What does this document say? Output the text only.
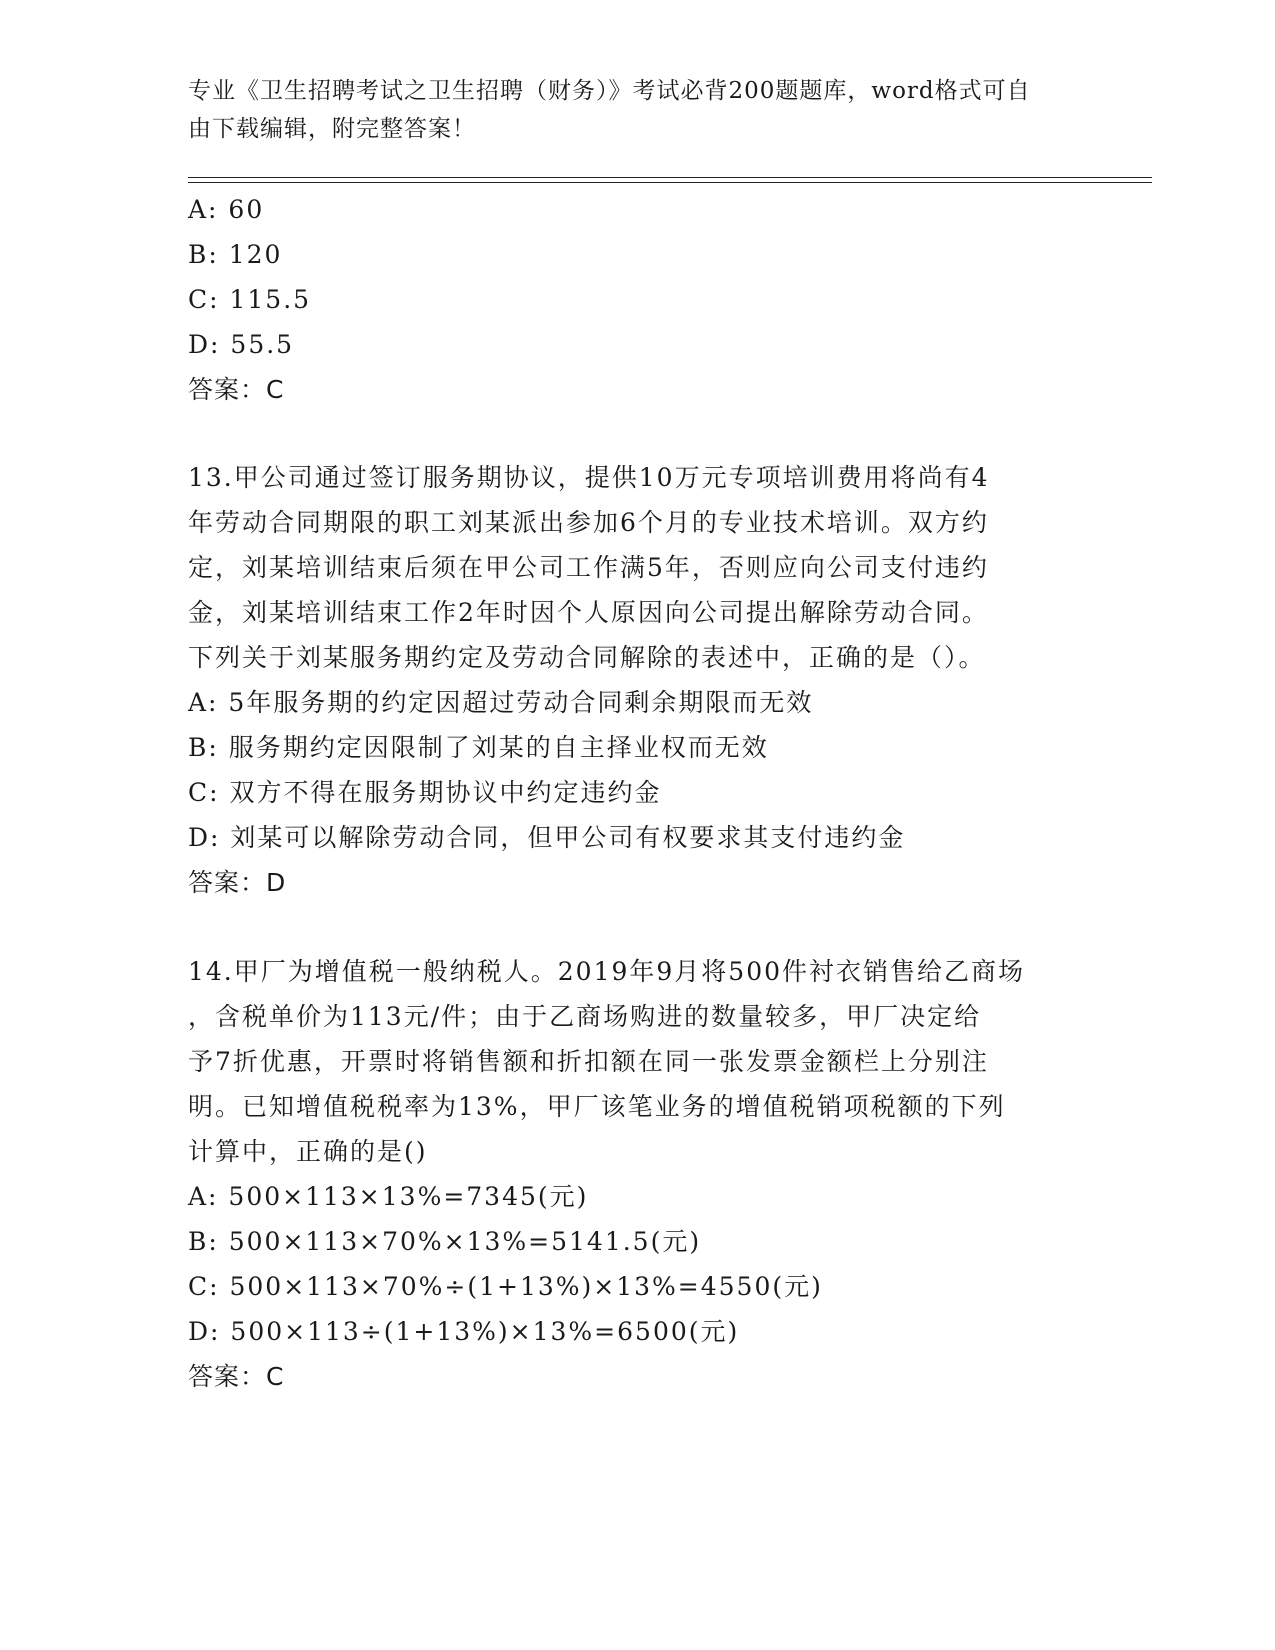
专业《卫生招聘考试之卫生招聘（财务）》考试必背200题题库，word格式可自
由下载编辑，附完整答案！
A: 60
B: 120
C: 115.5
D: 55.5
答案：C
13.甲公司通过签订服务期协议，提供10万元专项培训费用将尚有4
年劳动合同期限的职工刘某派出参加6个月的专业技术培训。双方约
定，刘某培训结束后须在甲公司工作满5年，否则应向公司支付违约
金，刘某培训结束工作2年时因个人原因向公司提出解除劳动合同。
下列关于刘某服务期约定及劳动合同解除的表述中，正确的是（）。
A: 5年服务期的约定因超过劳动合同剩余期限而无效
B: 服务期约定因限制了刘某的自主择业权而无效
C: 双方不得在服务期协议中约定违约金
D: 刘某可以解除劳动合同，但甲公司有权要求其支付违约金
答案：D
14.甲厂为增值税一般纳税人。2019年9月将500件衬衣销售给乙商场
，含税单价为113元/件；由于乙商场购进的数量较多，甲厂决定给
予7折优惠，开票时将销售额和折扣额在同一张发票金额栏上分别注
明。已知增值税税率为13%，甲厂该笔业务的增值税销项税额的下列
计算中，正确的是()
A: 500×113×13%=7345(元)
B: 500×113×70%×13%=5141.5(元)
C: 500×113×70%÷(1+13%)×13%=4550(元)
D: 500×113÷(1+13%)×13%=6500(元)
答案：C
